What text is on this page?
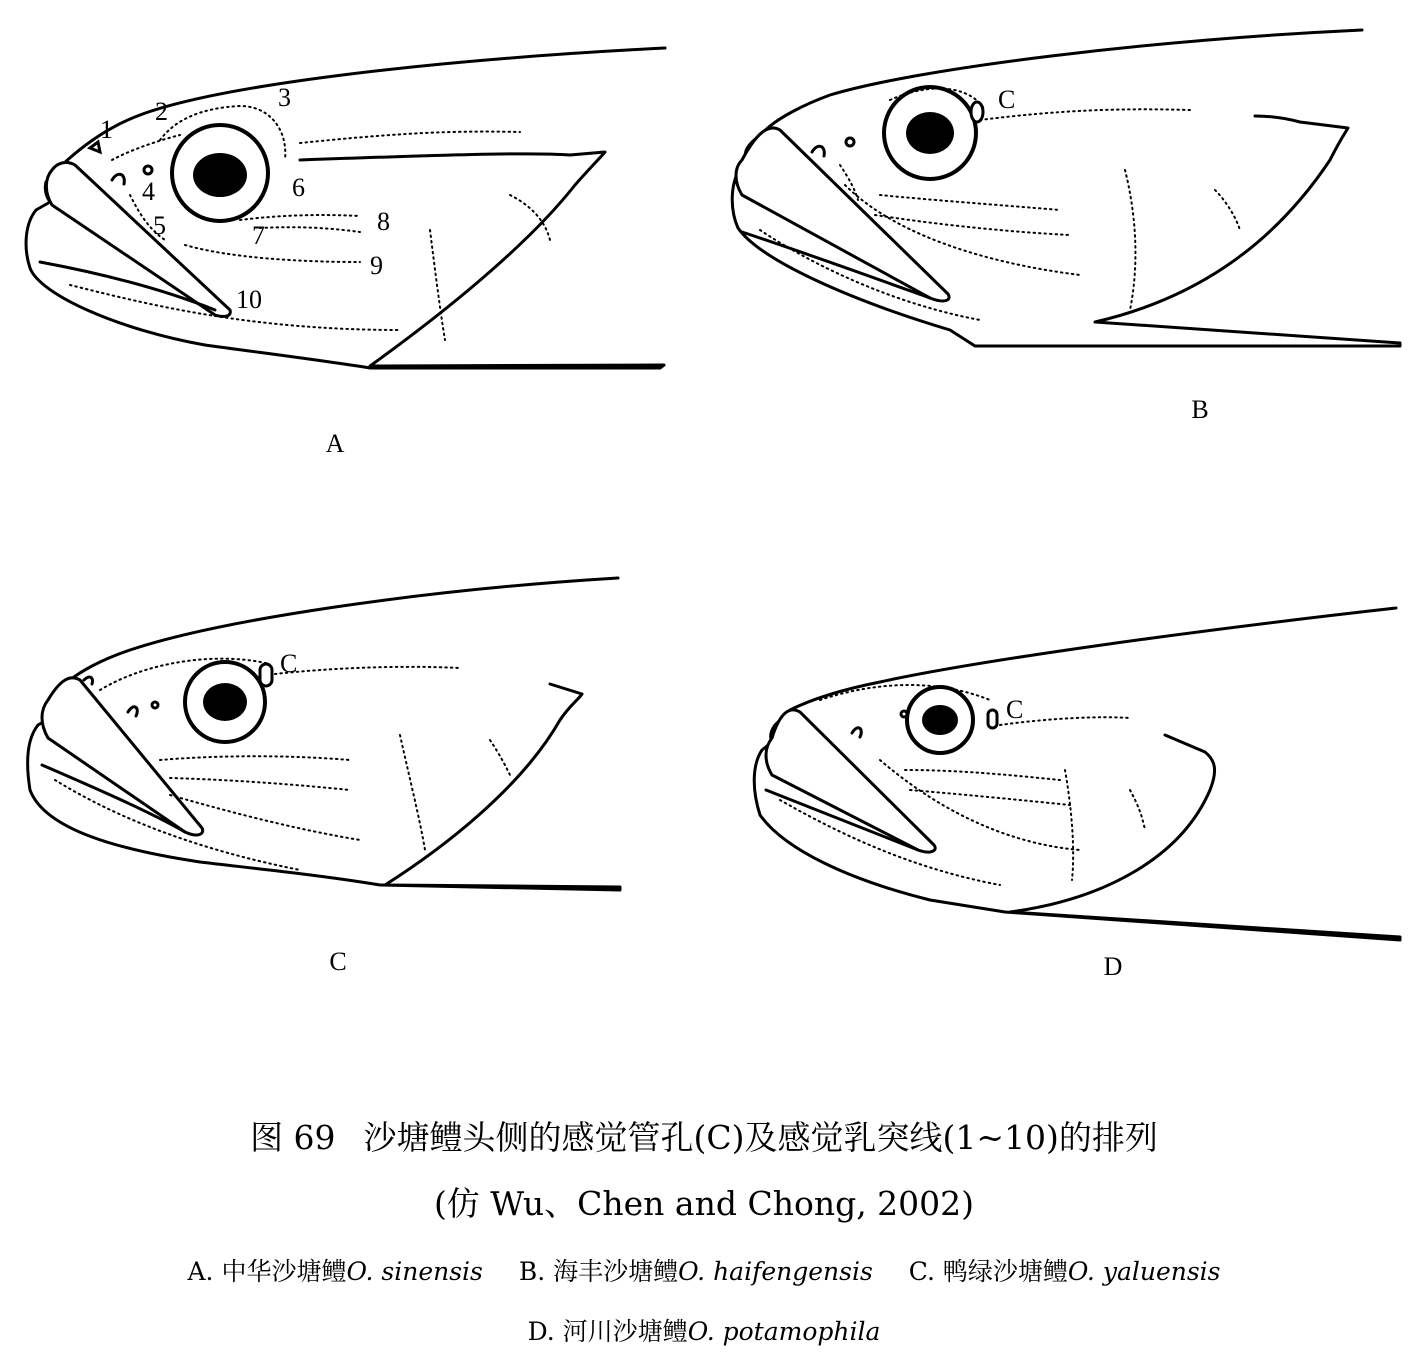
1
2	3
4
5
6
7	8
9
10
A
C
B
C
C
C
D
图 69 沙塘鳢头侧的感觉管孔(C)及感觉乳突线(1~10)的排列
(仿 Wu、Chen and Chong, 2002)
A. 中华沙塘鳢O. sinensis B. 海丰沙塘鳢O. haifengensis C. 鸭绿沙塘鳢O. yaluensis
D. 河川沙塘鳢O. potamophila
